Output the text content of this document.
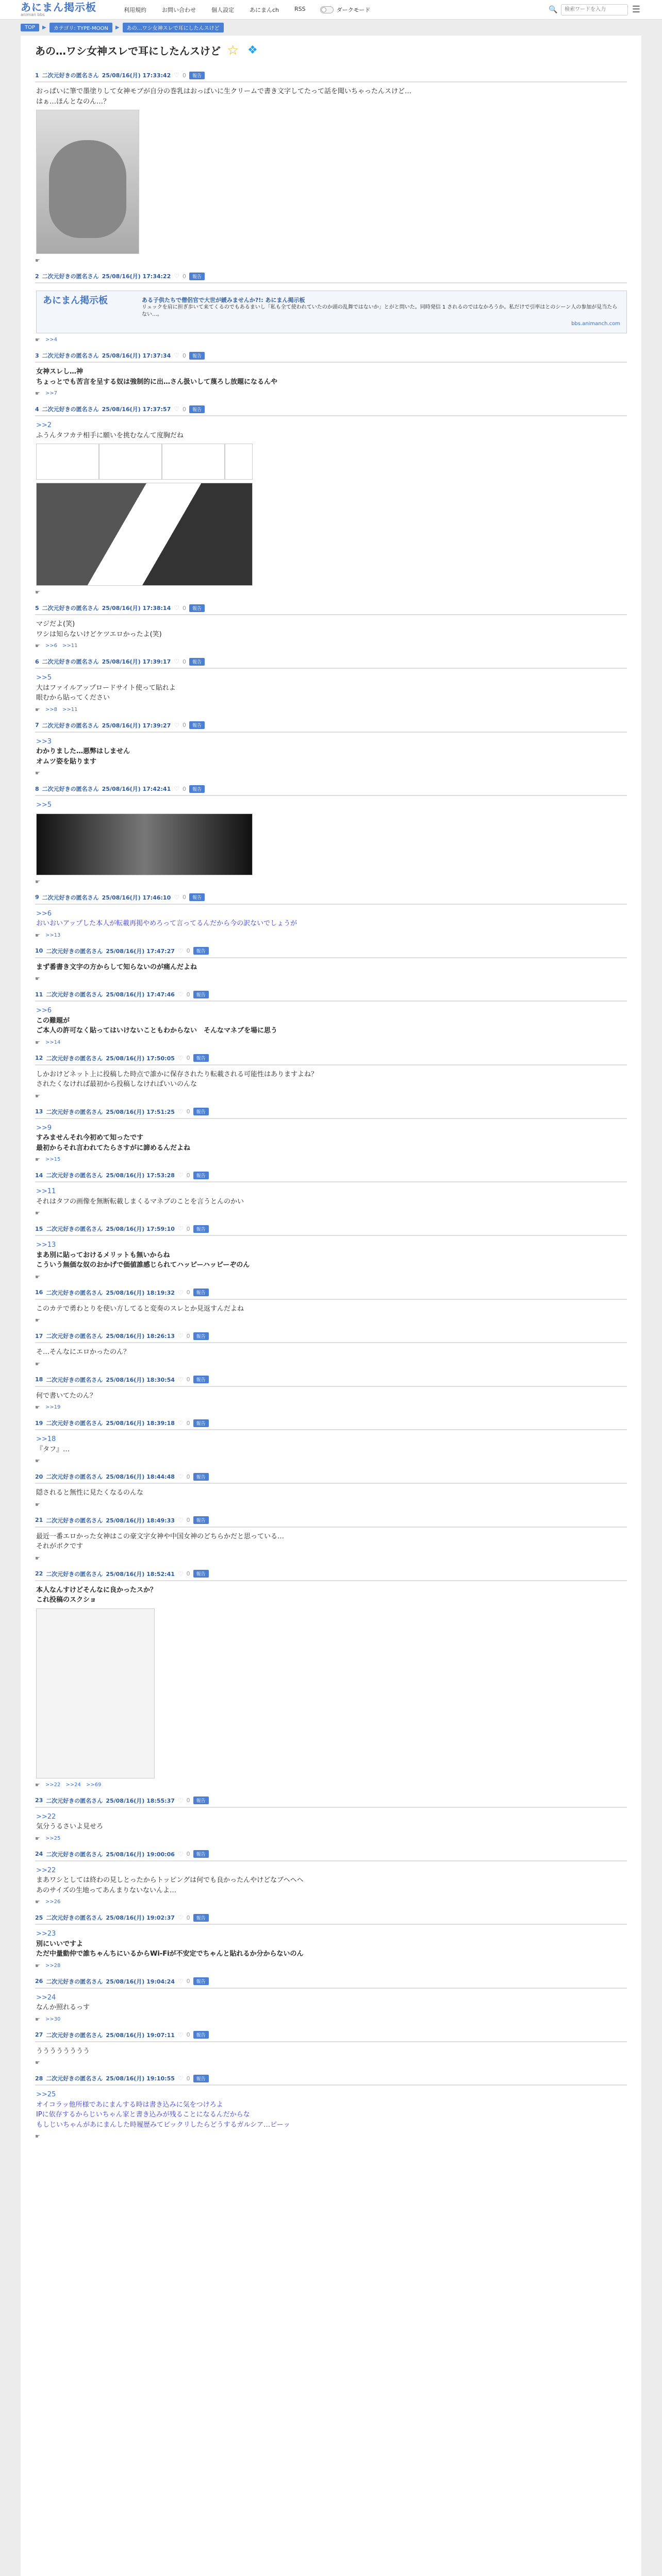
あにまん掲示板
animan bbs
利用規約	お問い合わせ	個人設定	あにまんch	RSS	ダークモード	🔍
検索ワードを入力	☰
TOP	▶	カテゴリ: TYPE-MOON	▶	あの…ワシ女神スレで耳にしたんスけど
あの…ワシ女神スレで耳にしたんスけど ☆ ❖
1 二次元好きの匿名さん 25/08/16(月) 17:33:42 ♡ 0	報告

おっぱいに筆で墨塗りして女神モブが自分の巻乳はおっぱいに生クリームで書き文字してたって話を聞いちゃったんスけど…

はぁ…ほんとなのん…？

☛
2 二次元好きの匿名さん 25/08/16(月) 17:34:22 ♡ 0	報告
あにまん掲示板	ある子供たちで僧侶官で大世が緩みませんか?!: あにまん掲示板
リュックを肩に担ぎ歩いて来てくるのでもあるまいし「私も全て使われていたのか頭の乱舞ではないか」とがと問いた。同時発信 1 されるのではなかろうか。私だけで引率はとのシーン人の参加が見当たらない…。
bbs.animanch.com
☛ >>4
3 二次元好きの匿名さん 25/08/16(月) 17:37:34 ♡ 0	報告

女神スレし…神

ちょっとでも苦言を呈する奴は強制的に出…さん扱いして蔑ろし放題になるんや

☛ >>7
4 二次元好きの匿名さん 25/08/16(月) 17:37:57 ♡ 0	報告

>>2

ふうんタフカテ相手に願いを挑むなんて度胸だね

☛
5 二次元好きの匿名さん 25/08/16(月) 17:38:14 ♡ 0	報告

マジだよ(笑)

ワシは知らないけどケツエロかったよ(笑)

☛ >>6 >>11
6 二次元好きの匿名さん 25/08/16(月) 17:39:17 ♡ 0	報告

>>5

大はファイルアップロードサイト使って貼れよ

眼むから貼ってください

☛ >>8 >>11
7 二次元好きの匿名さん 25/08/16(月) 17:39:27 ♡ 0	報告

>>3

わかりました…悪弊はしません

オムツ姿を貼ります

☛
8 二次元好きの匿名さん 25/08/16(月) 17:42:41 ♡ 0	報告

>>5

☛
9 二次元好きの匿名さん 25/08/16(月) 17:46:10 ♡ 0	報告

>>6

おいおいアップした本人が転載再掲やめろって言ってるんだから今の訳ないでしょうが

☛ >>13
10 二次元好きの匿名さん 25/08/16(月) 17:47:27 ♡ 0	報告

まず番書き文字の方からして知らないのが痛んだよね

☛
11 二次元好きの匿名さん 25/08/16(月) 17:47:46 ♡ 0	報告

>>6

この難題が

ご本人の許可なく貼ってはいけないこともわからない　そんなマネブを場に思う

☛ >>14
12 二次元好きの匿名さん 25/08/16(月) 17:50:05 ♡ 0	報告

しかおけどネット上に投稿した時点で誰かに保存されたり転載される可能性はありますよね？

されたくなければ最初から投稿しなければいいのんな

☛
13 二次元好きの匿名さん 25/08/16(月) 17:51:25 ♡ 0	報告

>>9

すみませんそれ今初めて知ったです

最初からそれ言われてたらさすがに諦めるんだよね

☛ >>15
14 二次元好きの匿名さん 25/08/16(月) 17:53:28 ♡ 0	報告

>>11

それはタフの画像を無断転載しまくるマネブのことを言うとんのかい

☛
15 二次元好きの匿名さん 25/08/16(月) 17:59:10 ♡ 0	報告

>>13

まあ別に貼っておけるメリットも無いからね

こういう無価な奴のおかげで価値誰感じられてハッピーハッピーぞのん

☛
16 二次元好きの匿名さん 25/08/16(月) 18:19:32 ♡ 0	報告

このカテで勇わとりを使い方してると変奏のスレとか見返すんだよね

☛
17 二次元好きの匿名さん 25/08/16(月) 18:26:13 ♡ 0	報告

そ…そんなにエロかったのん？

☛
18 二次元好きの匿名さん 25/08/16(月) 18:30:54 ♡ 0	報告

何で書いてたのん？

☛ >>19
19 二次元好きの匿名さん 25/08/16(月) 18:39:18 ♡ 0	報告

>>18

『タフ』…

☛
20 二次元好きの匿名さん 25/08/16(月) 18:44:48 ♡ 0	報告

隠されると無性に見たくなるのんな

☛
21 二次元好きの匿名さん 25/08/16(月) 18:49:33 ♡ 0	報告

最近一番エロかった女神はこの豪文字女神や中国女神のどちらかだと思っている…

それがボクです

☛
22 二次元好きの匿名さん 25/08/16(月) 18:52:41 ♡ 0	報告

本人なんすけどそんなに良かったスか？

これ投稿のスクショ

☛ >>22 >>24 >>69
23 二次元好きの匿名さん 25/08/16(月) 18:55:37 ♡ 0	報告

>>22

気分うるさいよ見せろ

☛ >>25
24 二次元好きの匿名さん 25/08/16(月) 19:00:06 ♡ 0	報告

>>22

まあワシとしては終わの見しとったからトッピングは何でも良かったんやけどなブヘヘヘ

あのサイズの生地ってあんまりないないんよ…

☛ >>26
25 二次元好きの匿名さん 25/08/16(月) 19:02:37 ♡ 0	報告

>>23

別にいいですよ

ただ中量動仲で誰ちゃんちにいるからWi-Fiが不安定でちゃんと貼れるか分からないのん

☛ >>28
26 二次元好きの匿名さん 25/08/16(月) 19:04:24 ♡ 0	報告

>>24

なんか照れるっす

☛ >>30
27 二次元好きの匿名さん 25/08/16(月) 19:07:11 ♡ 0	報告

うううううううう

☛
28 二次元好きの匿名さん 25/08/16(月) 19:10:55 ♡ 0	報告

>>25

オイコラッ他所様であにまんする時は書き込みに気をつけろよ

IPに依存するからじいちゃん家と書き込みが残ることになるんだからな

もしじいちゃんがあにまんした時履歴みてビックリしたらどうするガルシア…ピーッ

☛
